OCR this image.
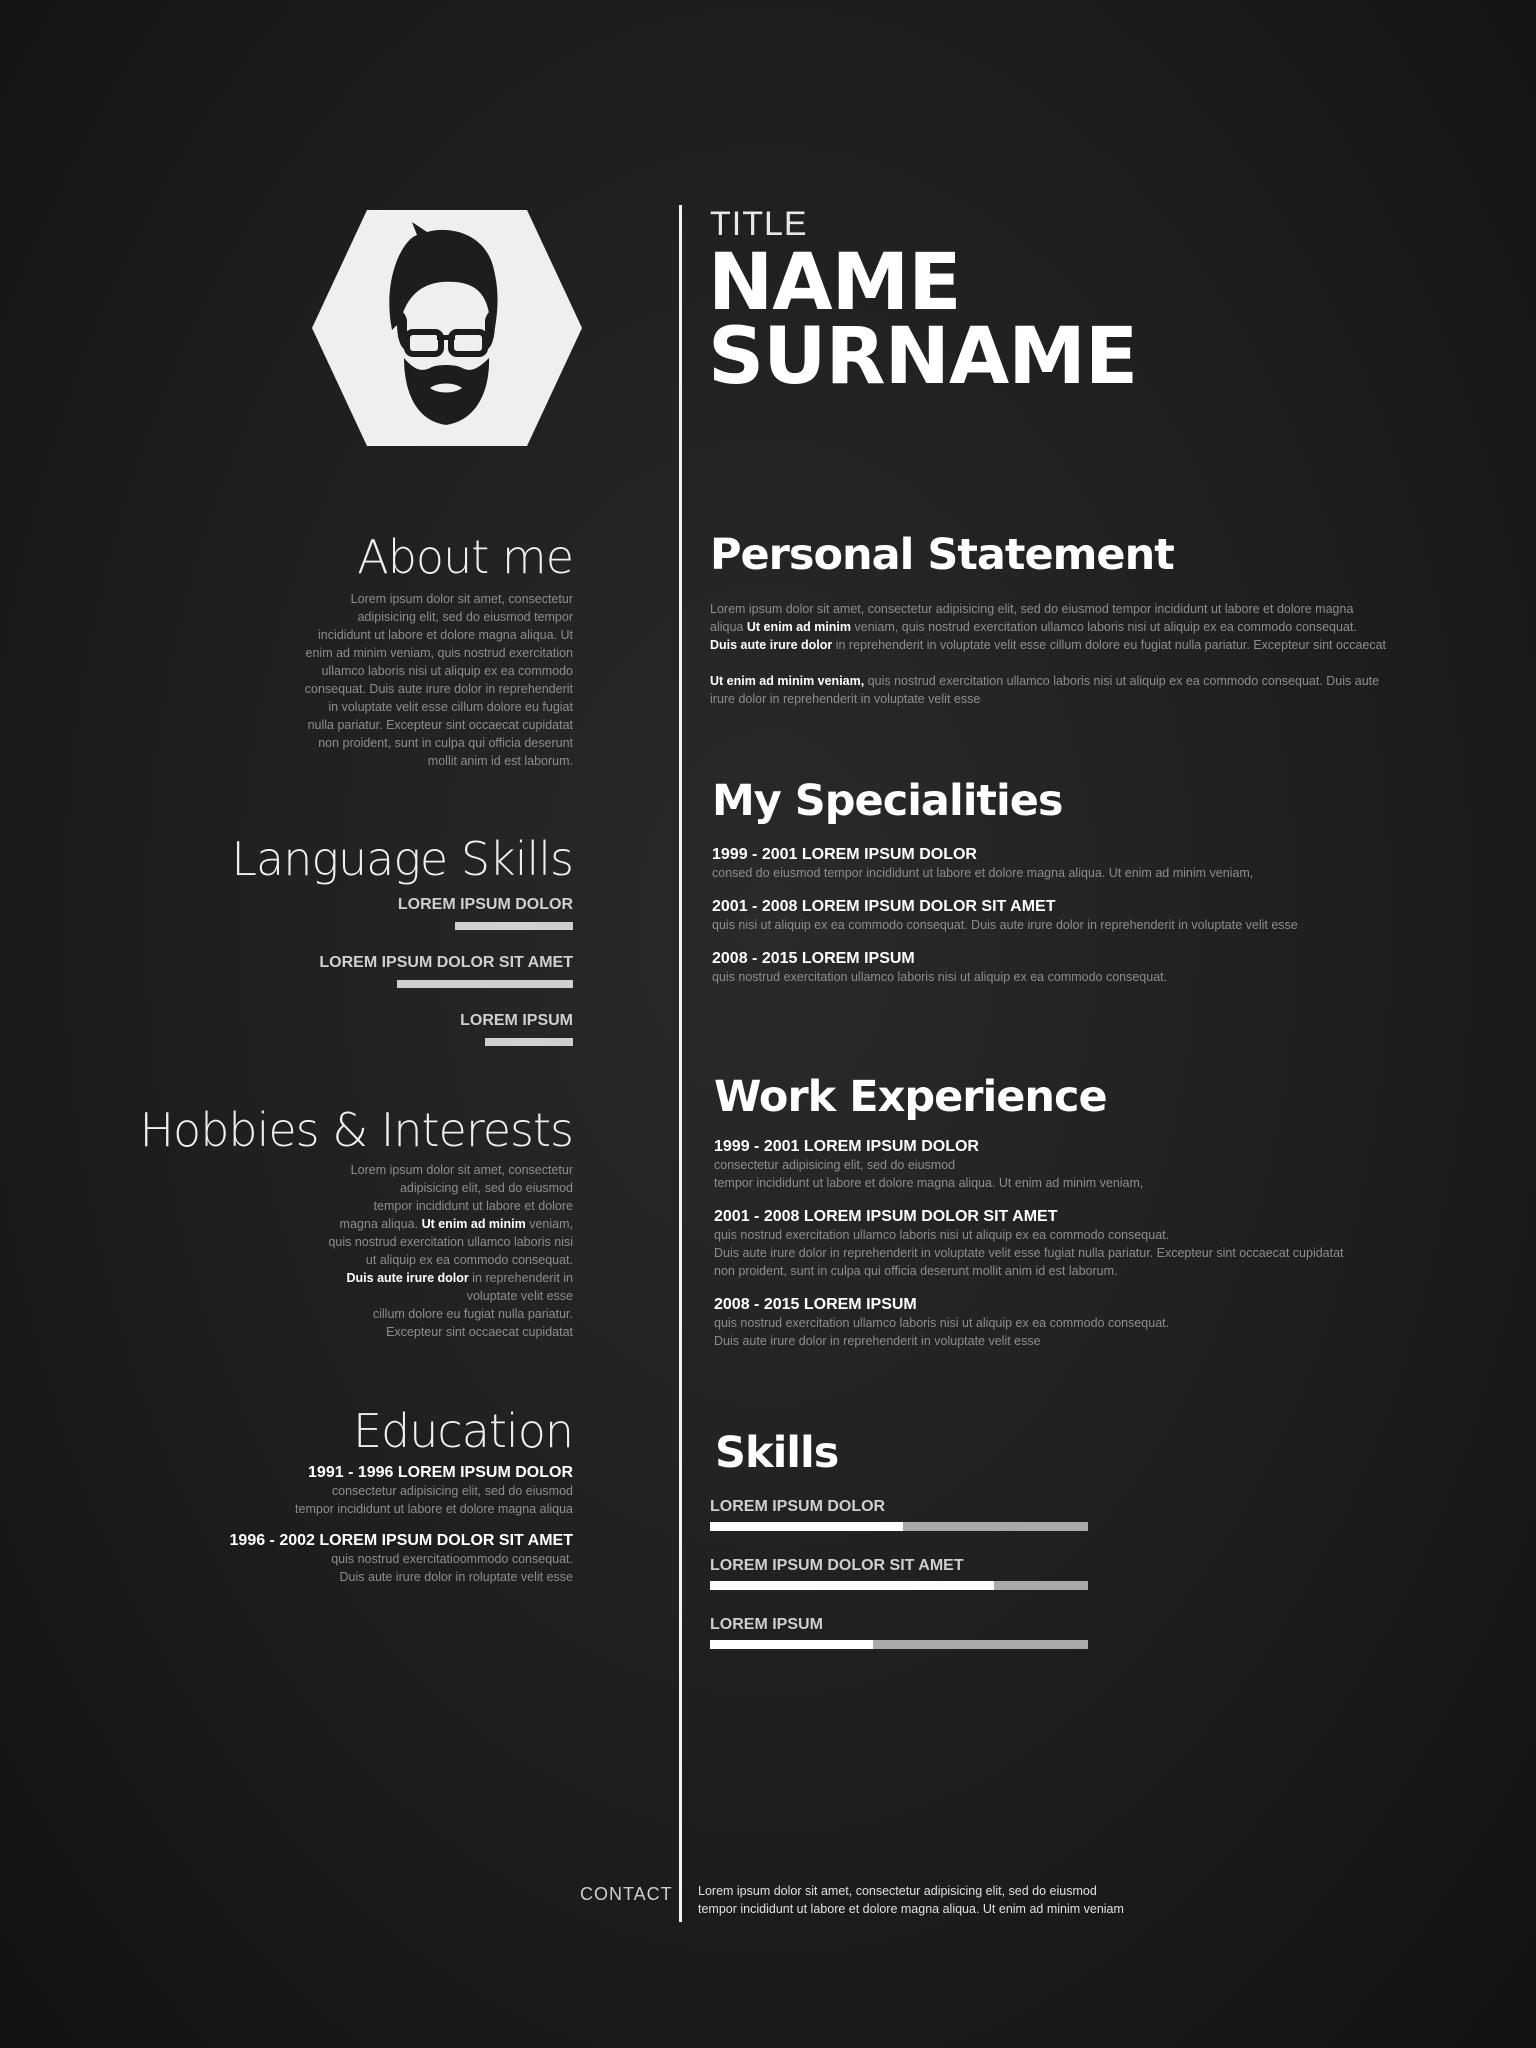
TITLE
NAME
SURNAME
About me
Lorem ipsum dolor sit amet, consectetur
adipisicing elit, sed do eiusmod tempor
incididunt ut labore et dolore magna aliqua. Ut
enim ad minim veniam, quis nostrud exercitation
ullamco laboris nisi ut aliquip ex ea commodo
consequat. Duis aute irure dolor in reprehenderit
in voluptate velit esse cillum dolore eu fugiat
nulla pariatur. Excepteur sint occaecat cupidatat
non proident, sunt in culpa qui officia deserunt
mollit anim id est laborum.
Language Skills
LOREM IPSUM DOLOR
LOREM IPSUM DOLOR SIT AMET
LOREM IPSUM
Hobbies & Interests
Lorem ipsum dolor sit amet, consectetur
adipisicing elit, sed do eiusmod
tempor incididunt ut labore et dolore
magna aliqua. Ut enim ad minim veniam,
quis nostrud exercitation ullamco laboris nisi
ut aliquip ex ea commodo consequat.
Duis aute irure dolor in reprehenderit in
voluptate velit esse
cillum dolore eu fugiat nulla pariatur.
Excepteur sint occaecat cupidatat
Education
1991 - 1996 LOREM IPSUM DOLOR
consectetur adipisicing elit, sed do eiusmod
tempor incididunt ut labore et dolore magna aliqua
1996 - 2002 LOREM IPSUM DOLOR SIT AMET
quis nostrud exercitatioommodo consequat.
Duis aute irure dolor in roluptate velit esse
Personal Statement
Lorem ipsum dolor sit amet, consectetur adipisicing elit, sed do eiusmod tempor incididunt ut labore et dolore magna
aliqua Ut enim ad minim veniam, quis nostrud exercitation ullamco laboris nisi ut aliquip ex ea commodo consequat.
Duis aute irure dolor in reprehenderit in voluptate velit esse cillum dolore eu fugiat nulla pariatur. Excepteur sint occaecat
Ut enim ad minim veniam, quis nostrud exercitation ullamco laboris nisi ut aliquip ex ea commodo consequat. Duis aute
irure dolor in reprehenderit in voluptate velit esse
My Specialities
1999 - 2001 LOREM IPSUM DOLOR
consed do eiusmod tempor incididunt ut labore et dolore magna aliqua. Ut enim ad minim veniam,
2001 - 2008 LOREM IPSUM DOLOR SIT AMET
quis nisi ut aliquip ex ea commodo consequat. Duis aute irure dolor in reprehenderit in voluptate velit esse
2008 - 2015 LOREM IPSUM
quis nostrud exercitation ullamco laboris nisi ut aliquip ex ea commodo consequat.
Work Experience
1999 - 2001 LOREM IPSUM DOLOR
consectetur adipisicing elit, sed do eiusmod
tempor incididunt ut labore et dolore magna aliqua. Ut enim ad minim veniam,
2001 - 2008 LOREM IPSUM DOLOR SIT AMET
quis nostrud exercitation ullamco laboris nisi ut aliquip ex ea commodo consequat.
Duis aute irure dolor in reprehenderit in voluptate velit esse fugiat nulla pariatur. Excepteur sint occaecat cupidatat
non proident, sunt in culpa qui officia deserunt mollit anim id est laborum.
2008 - 2015 LOREM IPSUM
quis nostrud exercitation ullamco laboris nisi ut aliquip ex ea commodo consequat.
Duis aute irure dolor in reprehenderit in voluptate velit esse
Skills
LOREM IPSUM DOLOR
LOREM IPSUM DOLOR SIT AMET
LOREM IPSUM
CONTACT Lorem ipsum dolor sit amet, consectetur adipisicing elit, sed do eiusmod
tempor incididunt ut labore et dolore magna aliqua. Ut enim ad minim veniam
